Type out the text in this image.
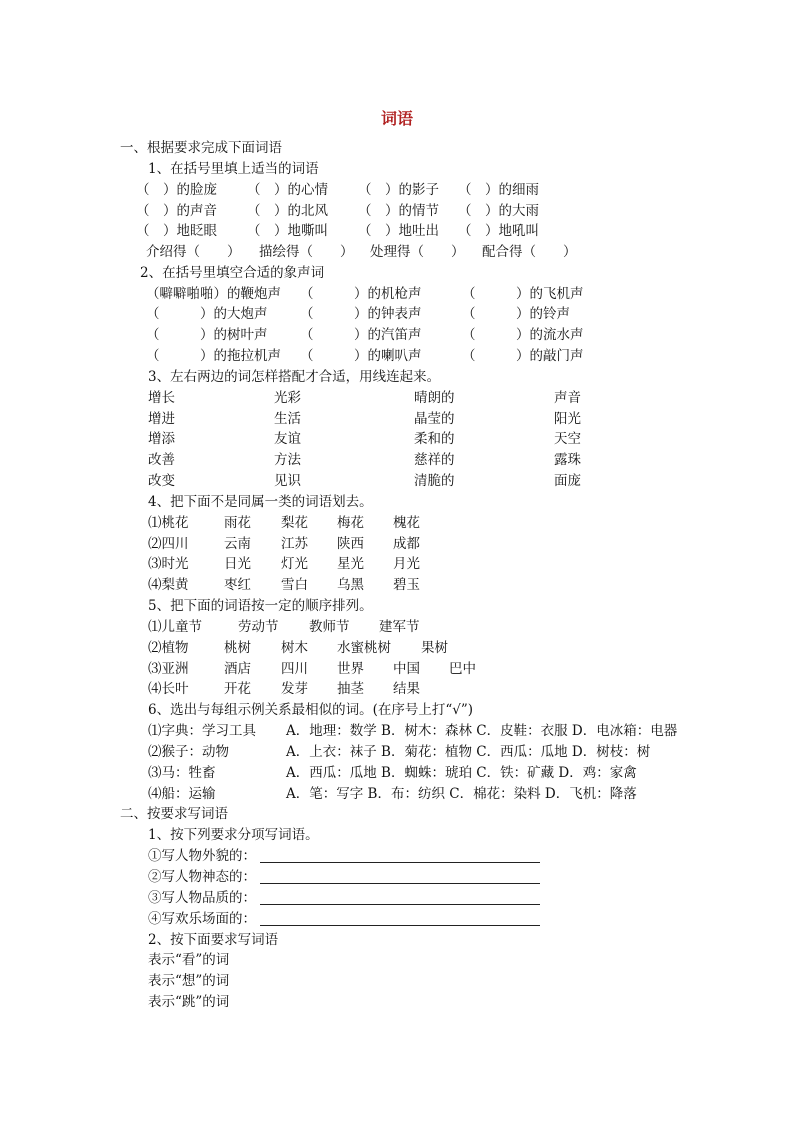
词语
一、根据要求完成下面词语
1、在括号里填上适当的词语
（　）的脸庞 （　）的心情 （　）的影子 （　）的细雨
（　）的声音 （　）的北风 （　）的情节 （　）的大雨
（　）地眨眼 （　）地嘶叫 （　）地吐出 （　）地吼叫
介绍得（　　） 描绘得（　　） 处理得（　　） 配合得（　　）
2、在括号里填空合适的象声词
（噼噼啪啪）的鞭炮声 （　　　）的机枪声	（　　　）的飞机声
（　　　）的大炮声 （　　　）的钟表声	（　　　）的铃声
（　　　）的树叶声 （　　　）的汽笛声	（　　　）的流水声
（　　　）的拖拉机声 （　　　）的喇叭声	（　　　）的敲门声
3、左右两边的词怎样搭配才合适，用线连起来。
增长	光彩	晴朗的	声音
增进	生活	晶莹的	阳光
增添	友谊	柔和的	天空
改善	方法	慈祥的	露珠
改变	见识	清脆的	面庞
4、把下面不是同属一类的词语划去。
⑴桃花	雨花 梨花 梅花 槐花
⑵四川	云南 江苏 陕西 成都
⑶时光	日光 灯光 星光 月光
⑷梨黄	枣红 雪白 乌黑 碧玉
5、把下面的词语按一定的顺序排列。
⑴儿童节	劳动节 教师节 建军节
⑵植物	桃树 树木 水蜜桃树 果树
⑶亚洲	酒店 四川 世界 中国 巴中
⑷长叶	开花 发芽 抽茎 结果
6、选出与每组示例关系最相似的词。(在序号上打“√”)
⑴字典：学习工具 A．地理：数学 B．树木：森林 C．皮鞋：衣服 D．电冰箱：电器
⑵猴子：动物	A．上衣：袜子 B．菊花：植物 C．西瓜：瓜地 D．树枝：树
⑶马：牲畜	A．西瓜：瓜地 B．蜘蛛：琥珀 C．铁：矿藏 D．鸡：家禽
⑷船：运输	A．笔：写字 B．布：纺织 C．棉花：染料 D．飞机：降落
二、按要求写词语
1、按下列要求分项写词语。
①写人物外貌的：
②写人物神态的：
③写人物品质的：
④写欢乐场面的：
2、按下面要求写词语
表示“看”的词
表示“想”的词
表示“跳”的词
